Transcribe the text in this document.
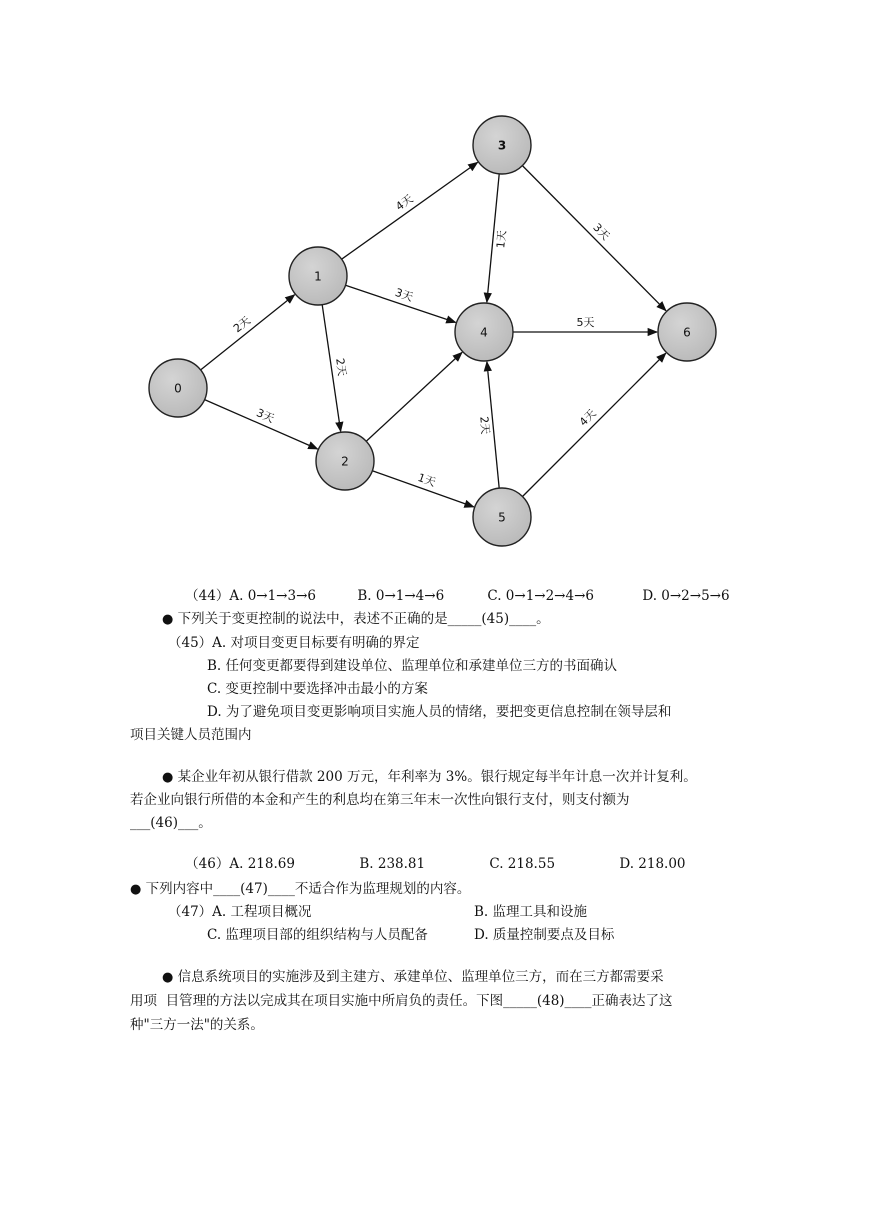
2天
3天
4天
3天
2天
1天
1天	3天
5天
2天	4天
0
1
2
3
4
5
6

（44）A. 0→1→3→6	B. 0→1→4→6	C. 0→1→2→4→6	D. 0→2→5→6

● 下列关于变更控制的说法中，表述不正确的是_____(45)____。
（45）A. 对项目变更目标要有明确的界定
B. 任何变更都要得到建设单位、监理单位和承建单位三方的书面确认
C. 变更控制中要选择冲击最小的方案
D. 为了避免项目变更影响项目实施人员的情绪，要把变更信息控制在领导层和
项目关键人员范围内
● 某企业年初从银行借款 200 万元，年利率为 3%。银行规定每半年计息一次并计复利。
若企业向银行所借的本金和产生的利息均在第三年末一次性向银行支付，则支付额为
___(46)___。

（46）A. 218.69	B. 238.81	C. 218.55	D. 218.00

● 下列内容中____(47)____不适合作为监理规划的内容。
（47）A. 工程项目概况	B. 监理工具和设施
C. 监理项目部的组织结构与人员配备	D. 质量控制要点及目标
● 信息系统项目的实施涉及到主建方、承建单位、监理单位三方，而在三方都需要采
用项  目管理的方法以完成其在项目实施中所肩负的责任。下图_____(48)____正确表达了这
种"三方一法"的关系。
